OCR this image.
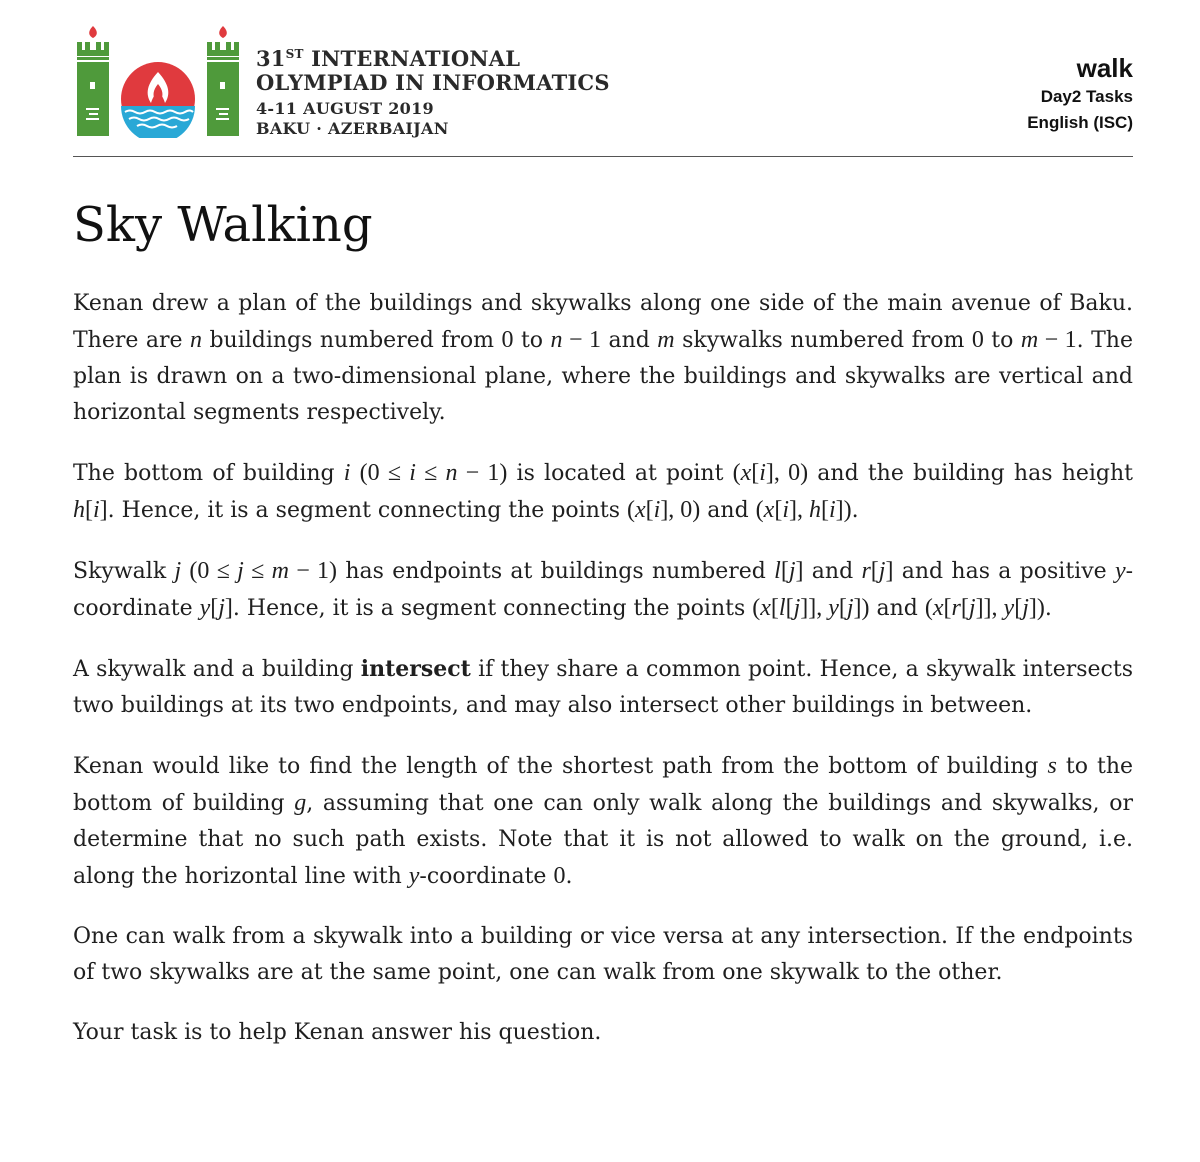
31ST INTERNATIONAL
OLYMPIAD IN INFORMATICS
4-11 AUGUST 2019
BAKU · AZERBAIJAN
walk
Day2 Tasks
English (ISC)
Sky Walking

Kenan drew a plan of the buildings and skywalks along one side of the main avenue of Baku. There are n buildings numbered from 0 to n − 1 and m skywalks numbered from 0 to m − 1. The plan is drawn on a two-dimensional plane, where the buildings and skywalks are vertical and horizontal segments respectively.

The bottom of building i (0 ≤ i ≤ n − 1) is located at point (x[i], 0) and the building has height h[i]. Hence, it is a segment connecting the points (x[i], 0) and (x[i], h[i]).

Skywalk j (0 ≤ j ≤ m − 1) has endpoints at buildings numbered l[j] and r[j] and has a positive y-coordinate y[j]. Hence, it is a segment connecting the points (x[l[j]], y[j]) and (x[r[j]], y[j]).

A skywalk and a building intersect if they share a common point. Hence, a skywalk intersects two buildings at its two endpoints, and may also intersect other buildings in between.

Kenan would like to find the length of the shortest path from the bottom of building s to the bottom of building g, assuming that one can only walk along the buildings and skywalks, or determine that no such path exists. Note that it is not allowed to walk on the ground, i.e. along the horizontal line with y-coordinate 0.

One can walk from a skywalk into a building or vice versa at any intersection. If the endpoints of two skywalks are at the same point, one can walk from one skywalk to the other.

Your task is to help Kenan answer his question.
